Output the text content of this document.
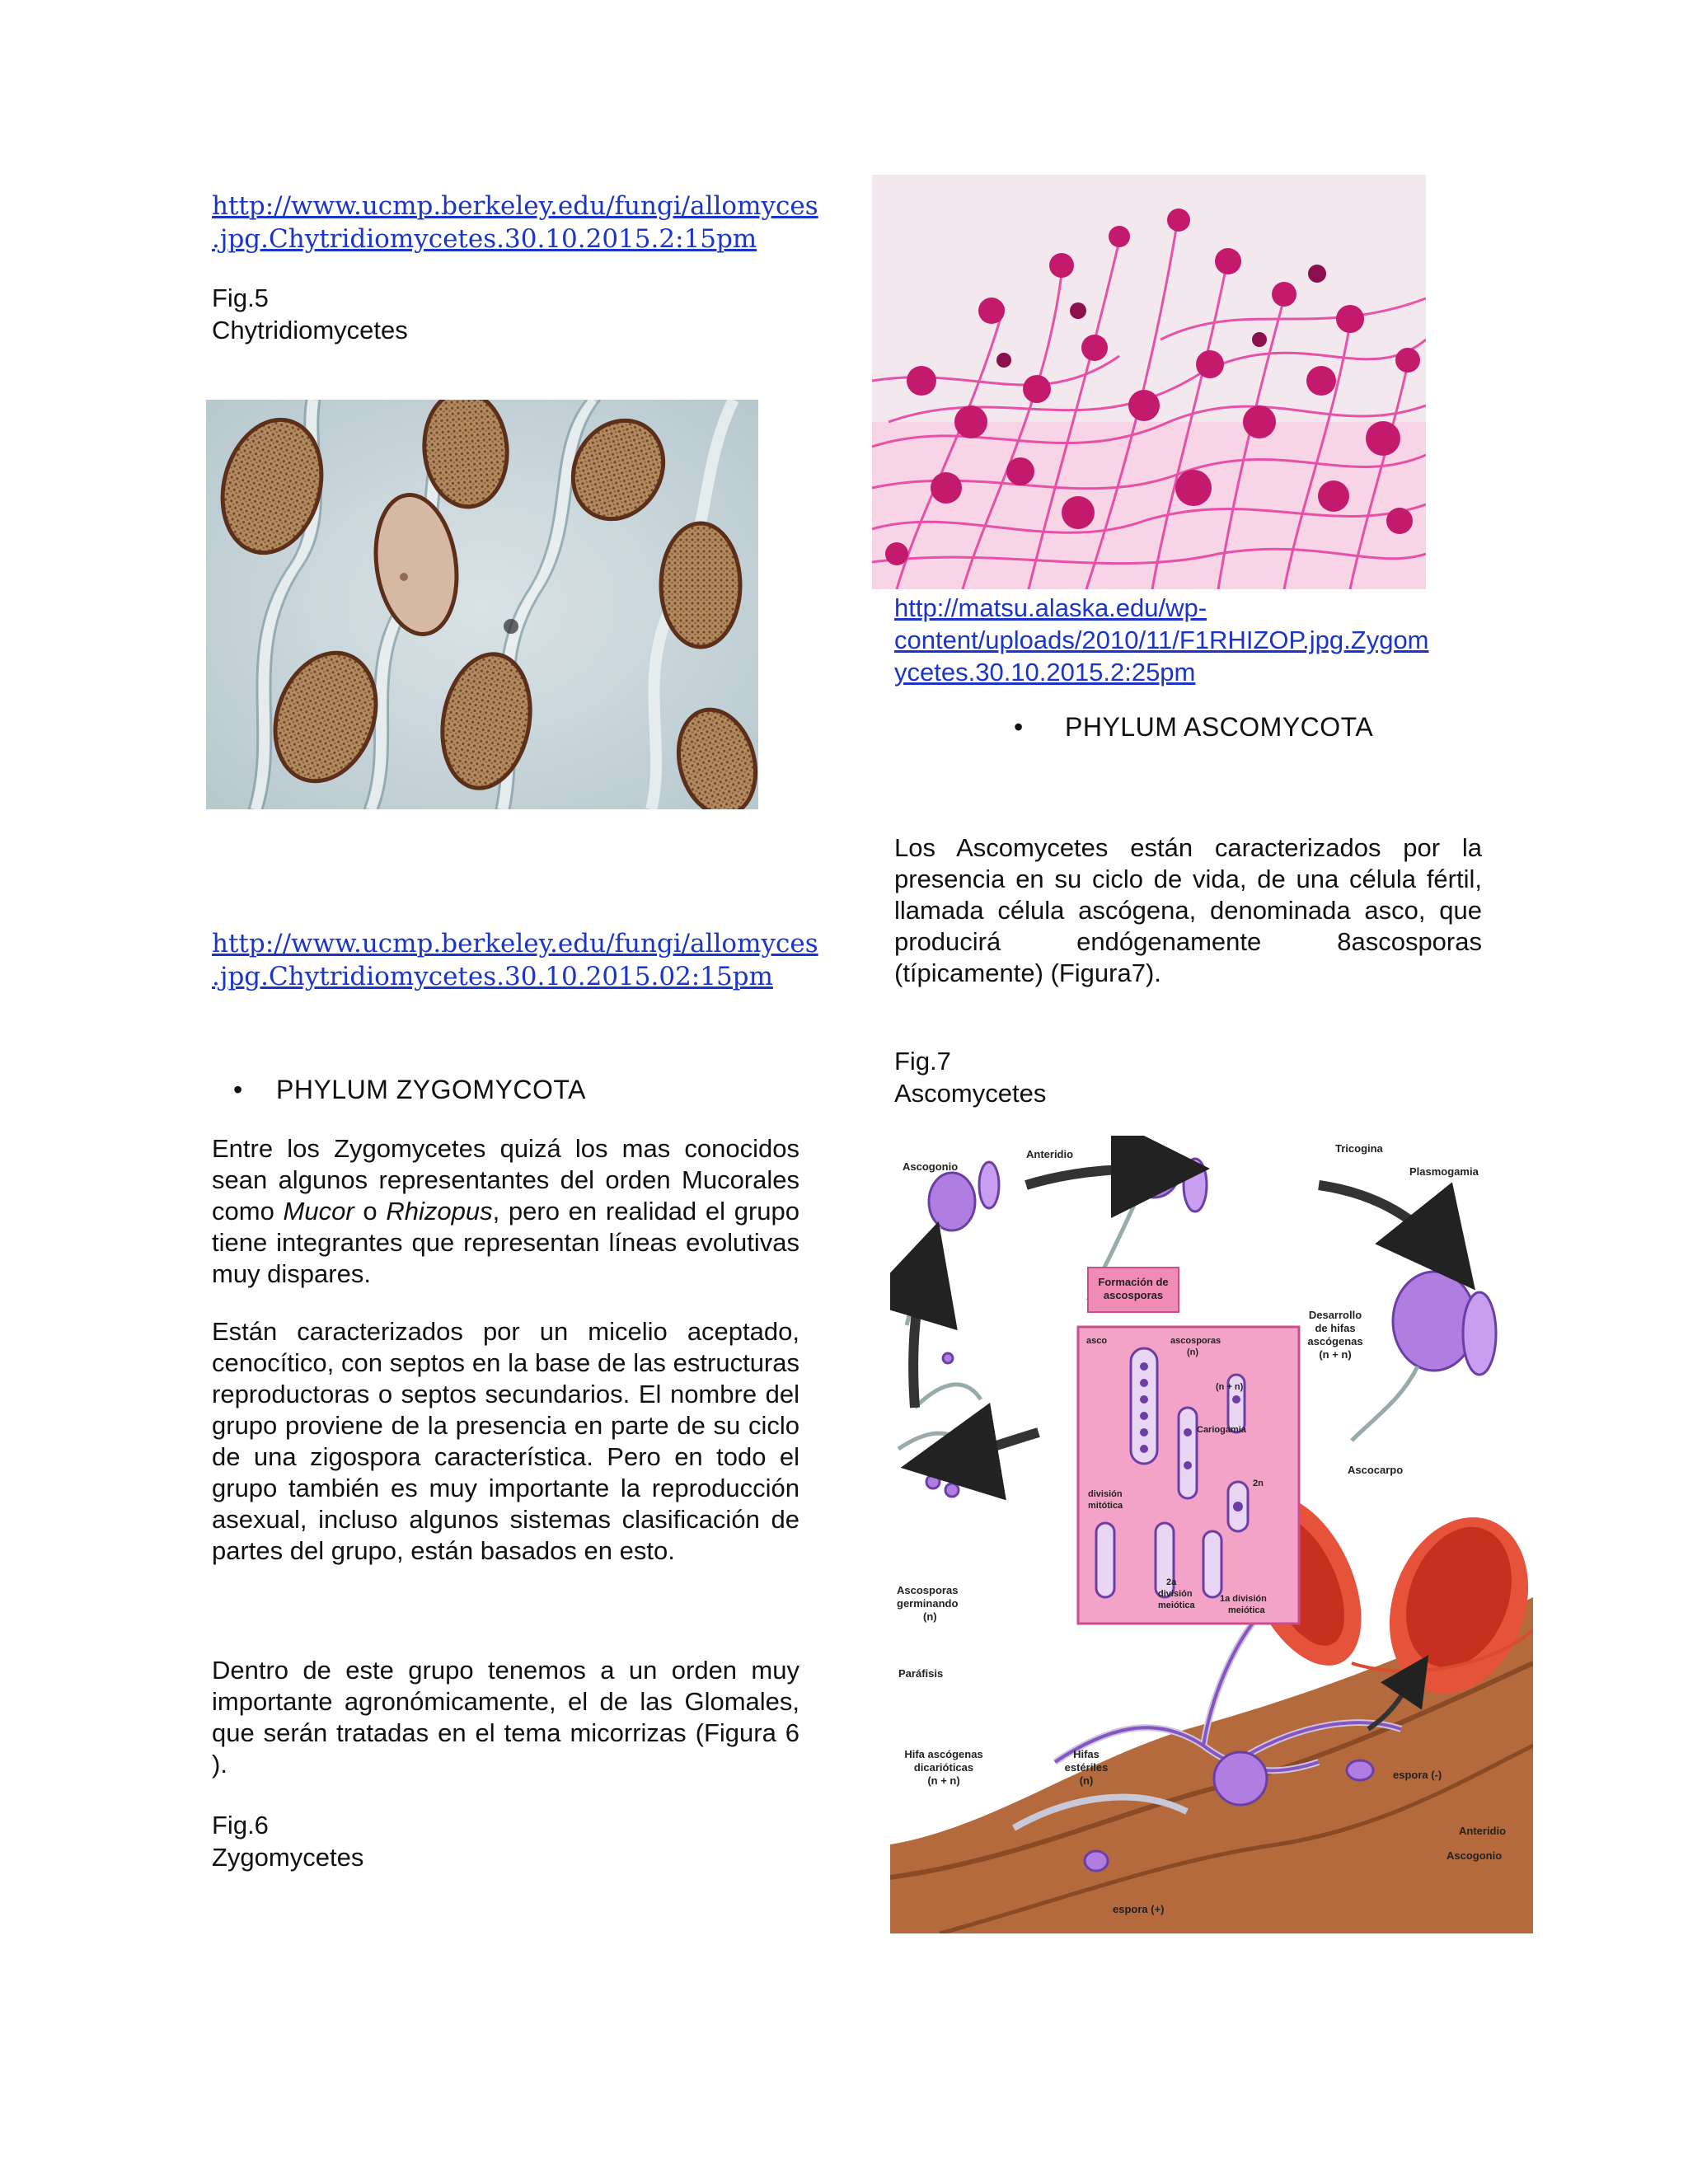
http://www.ucmp.berkeley.edu/fungi/allomyces
.jpg.Chytridiomycetes.30.10.2015.2:15pm
Fig.5
Chytridiomycetes
http://www.ucmp.berkeley.edu/fungi/allomyces
.jpg.Chytridiomycetes.30.10.2015.02:15pm
• PHYLUM ZYGOMYCOTA
Entre los Zygomycetes quizá los mas conocidos sean algunos representantes del orden Mucorales como Mucor o Rhizopus, pero en realidad el grupo tiene integrantes que representan líneas evolutivas muy dispares.
Están caracterizados por un micelio aceptado, cenocítico, con septos en la base de las estructuras reproductoras o septos secundarios. El nombre del grupo proviene de la presencia en parte de su ciclo de una zigospora característica. Pero en todo el grupo también es muy importante la reproducción asexual, incluso algunos sistemas clasificación de partes del grupo, están basados en esto.
Dentro de este grupo tenemos a un orden muy importante agronómicamente, el de las Glomales, que serán tratadas en el tema micorrizas (Figura 6 ).
Fig.6
Zygomycetes
http://matsu.alaska.edu/wp-
content/uploads/2010/11/F1RHIZOP.jpg.Zygom
ycetes.30.10.2015.2:25pm
• PHYLUM ASCOMYCOTA
Los Ascomycetes están caracterizados por la presencia en su ciclo de vida, de una célula fértil, llamada célula ascógena, denominada asco, que producirá endógenamente 8ascosporas (típicamente) (Figura7).
Fig.7
Ascomycetes
Ascogonio
Anteridio	Tricogina
Plasmogamia
Desarrollo
de hifas
ascógenas
(n + n)
Formación de
ascosporas
asco	ascosporas
(n)
(n + n)
Cariogamia
2n
división
mitótica
2a
división
meiótica
1a división
meiótica
Ascocarpo
Ascosporas
germinando
(n)
Paráfisis
Hifa ascógenas
dicarióticas
(n + n)
Hifas
estériles
(n)	espora (-)
Anteridio
Ascogonio
espora (+)
